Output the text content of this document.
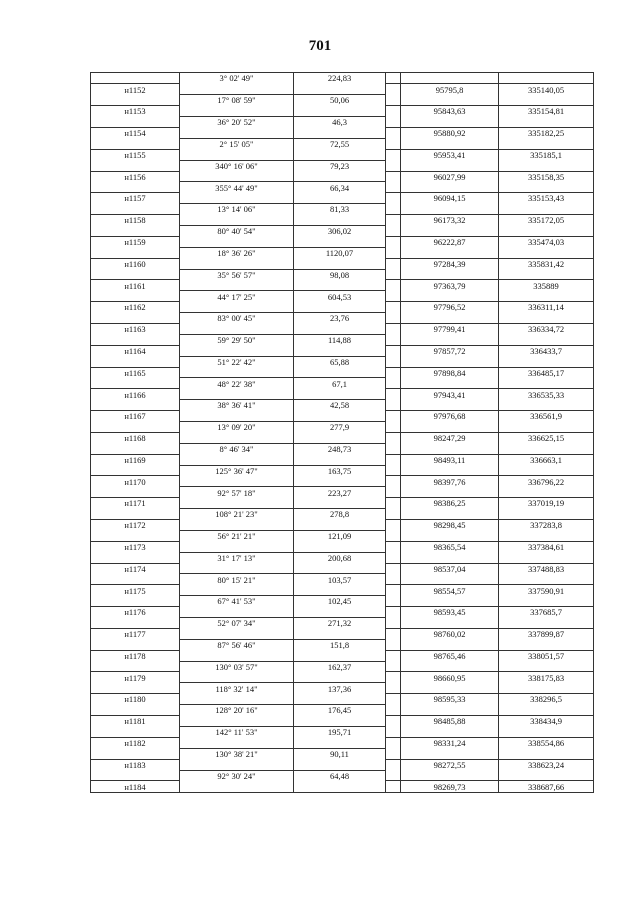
701
	3° 02' 49"	224,83			
н1152				95795,8	335140,05
	17° 08' 59"	50,06			
н1153				95843,63	335154,81
	36° 20' 52"	46,3			
н1154				95880,92	335182,25
	2° 15' 05"	72,55			
н1155				95953,41	335185,1
	340° 16' 06"	79,23			
н1156				96027,99	335158,35
	355° 44' 49"	66,34			
н1157				96094,15	335153,43
	13° 14' 06"	81,33			
н1158				96173,32	335172,05
	80° 40' 54"	306,02			
н1159				96222,87	335474,03
	18° 36' 26"	1120,07			
н1160				97284,39	335831,42
	35° 56' 57"	98,08			
н1161				97363,79	335889
	44° 17' 25"	604,53			
н1162				97796,52	336311,14
	83° 00' 45"	23,76			
н1163				97799,41	336334,72
	59° 29' 50"	114,88			
н1164				97857,72	336433,7
	51° 22' 42"	65,88			
н1165				97898,84	336485,17
	48° 22' 38"	67,1			
н1166				97943,41	336535,33
	38° 36' 41"	42,58			
н1167				97976,68	336561,9
	13° 09' 20"	277,9			
н1168				98247,29	336625,15
	8° 46' 34"	248,73			
н1169				98493,11	336663,1
	125° 36' 47"	163,75			
н1170				98397,76	336796,22
	92° 57' 18"	223,27			
н1171				98386,25	337019,19
	108° 21' 23"	278,8			
н1172				98298,45	337283,8
	56° 21' 21"	121,09			
н1173				98365,54	337384,61
	31° 17' 13"	200,68			
н1174				98537,04	337488,83
	80° 15' 21"	103,57			
н1175				98554,57	337590,91
	67° 41' 53"	102,45			
н1176				98593,45	337685,7
	52° 07' 34"	271,32			
н1177				98760,02	337899,87
	87° 56' 46"	151,8			
н1178				98765,46	338051,57
	130° 03' 57"	162,37			
н1179				98660,95	338175,83
	118° 32' 14"	137,36			
н1180				98595,33	338296,5
	128° 20' 16"	176,45			
н1181				98485,88	338434,9
	142° 11' 53"	195,71			
н1182				98331,24	338554,86
	130° 38' 21"	90,11			
н1183				98272,55	338623,24
	92° 30' 24"	64,48			
н1184				98269,73	338687,66
